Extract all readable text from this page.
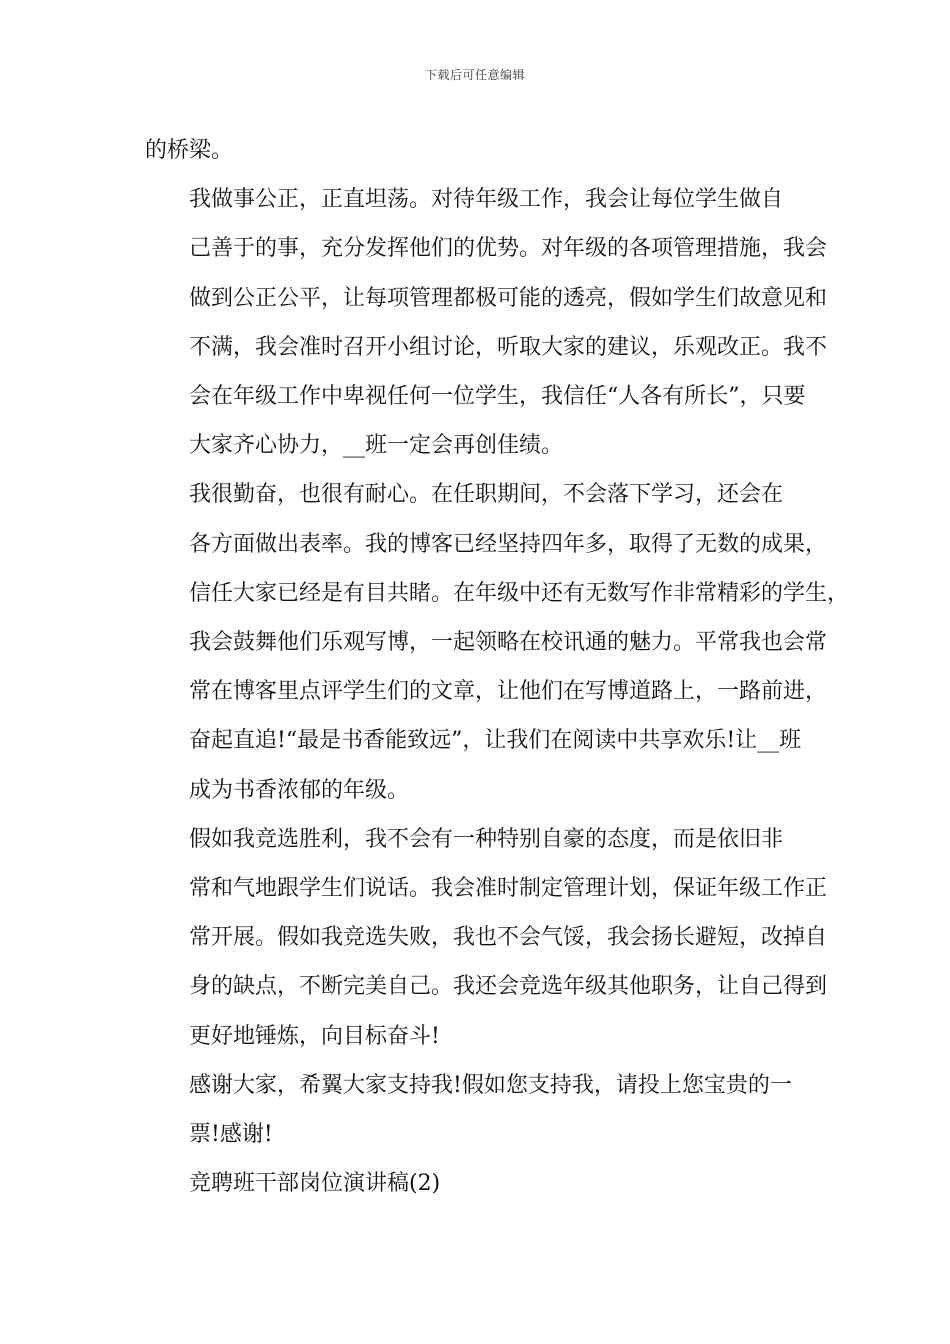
下载后可任意编辑

的桥梁。

我做事公正，正直坦荡。对待年级工作，我会让每位学生做自
己善于的事，充分发挥他们的优势。对年级的各项管理措施，我会
做到公正公平，让每项管理都极可能的透亮，假如学生们故意见和
不满，我会准时召开小组讨论，听取大家的建议，乐观改正。我不
会在年级工作中卑视任何一位学生，我信任“人各有所长”，只要
大家齐心协力，__班一定会再创佳绩。

我很勤奋，也很有耐心。在任职期间，不会落下学习，还会在
各方面做出表率。我的博客已经坚持四年多，取得了无数的成果，
信任大家已经是有目共睹。在年级中还有无数写作非常精彩的学生，
我会鼓舞他们乐观写博，一起领略在校讯通的魅力。平常我也会常
常在博客里点评学生们的文章，让他们在写博道路上，一路前进，
奋起直追!“最是书香能致远”，让我们在阅读中共享欢乐!让__班
成为书香浓郁的年级。

假如我竞选胜利，我不会有一种特别自豪的态度，而是依旧非
常和气地跟学生们说话。我会准时制定管理计划，保证年级工作正
常开展。假如我竞选失败，我也不会气馁，我会扬长避短，改掉自
身的缺点，不断完美自己。我还会竞选年级其他职务，让自己得到
更好地锤炼，向目标奋斗!

感谢大家，希翼大家支持我!假如您支持我，请投上您宝贵的一
票!感谢!

竞聘班干部岗位演讲稿(2)
